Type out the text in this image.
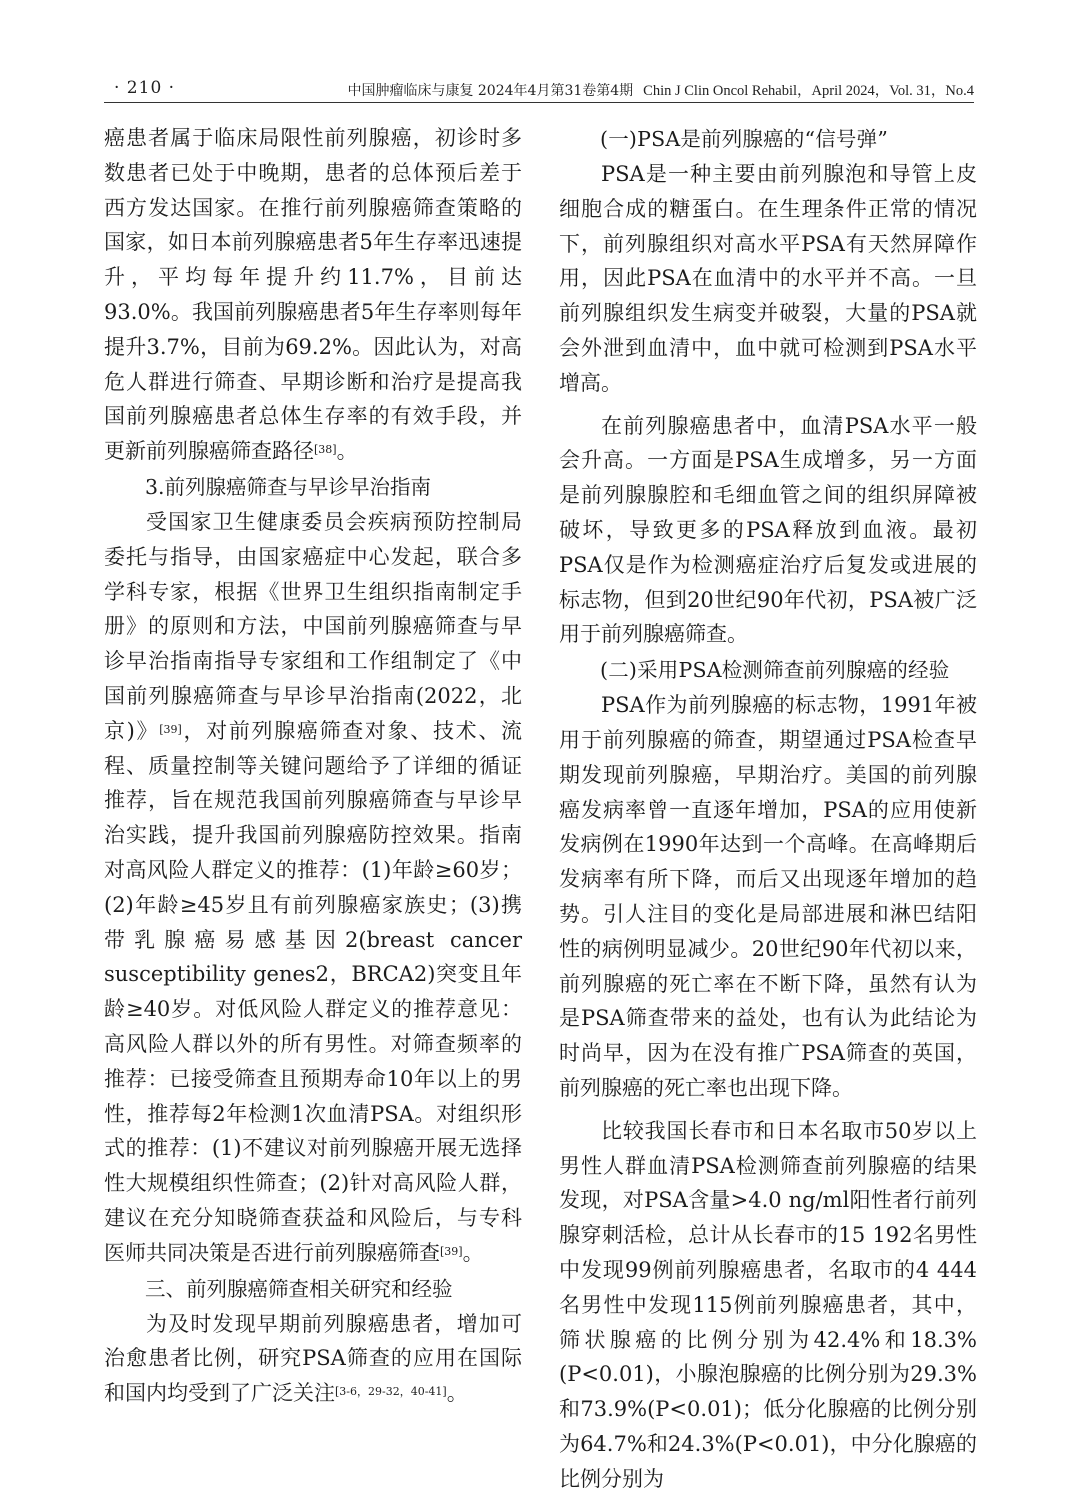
· 210 ·	中国肿瘤临床与康复 2024年4月第31卷第4期 Chin J Clin Oncol Rehabil，April 2024，Vol. 31，No.4

癌患者属于临床局限性前列腺癌，初诊时多数患者已处于中晚期，患者的总体预后差于西方发达国家。在推行前列腺癌筛查策略的国家，如日本前列腺癌患者5年生存率迅速提升，平均每年提升约11.7%，目前达93.0%。我国前列腺癌患者5年生存率则每年提升3.7%，目前为69.2%。因此认为，对高危人群进行筛查、早期诊断和治疗是提高我国前列腺癌患者总体生存率的有效手段，并更新前列腺癌筛查路径[38]。

3.前列腺癌筛查与早诊早治指南

受国家卫生健康委员会疾病预防控制局委托与指导，由国家癌症中心发起，联合多学科专家，根据《世界卫生组织指南制定手册》的原则和方法，中国前列腺癌筛查与早诊早治指南指导专家组和工作组制定了《中国前列腺癌筛查与早诊早治指南(2022，北京)》[39]，对前列腺癌筛查对象、技术、流程、质量控制等关键问题给予了详细的循证推荐，旨在规范我国前列腺癌筛查与早诊早治实践，提升我国前列腺癌防控效果。指南对高风险人群定义的推荐：(1)年龄≥60岁；(2)年龄≥45岁且有前列腺癌家族史；(3)携带乳腺癌易感基因2(breast cancer susceptibility genes2，BRCA2)突变且年龄≥40岁。对低风险人群定义的推荐意见：高风险人群以外的所有男性。对筛查频率的推荐：已接受筛查且预期寿命10年以上的男性，推荐每2年检测1次血清PSA。对组织形式的推荐：(1)不建议对前列腺癌开展无选择性大规模组织性筛查；(2)针对高风险人群，建议在充分知晓筛查获益和风险后，与专科医师共同决策是否进行前列腺癌筛查[39]。

三、前列腺癌筛查相关研究和经验

为及时发现早期前列腺癌患者，增加可治愈患者比例，研究PSA筛查的应用在国际和国内均受到了广泛关注[3-6，29-32，40-41]。

(一)PSA是前列腺癌的“信号弹”

PSA是一种主要由前列腺泡和导管上皮细胞合成的糖蛋白。在生理条件正常的情况下，前列腺组织对高水平PSA有天然屏障作用，因此PSA在血清中的水平并不高。一旦前列腺组织发生病变并破裂，大量的PSA就会外泄到血清中，血中就可检测到PSA水平增高。

在前列腺癌患者中，血清PSA水平一般会升高。一方面是PSA生成增多，另一方面是前列腺腺腔和毛细血管之间的组织屏障被破坏，导致更多的PSA释放到血液。最初PSA仅是作为检测癌症治疗后复发或进展的标志物，但到20世纪90年代初，PSA被广泛用于前列腺癌筛查。

(二)采用PSA检测筛查前列腺癌的经验

PSA作为前列腺癌的标志物，1991年被用于前列腺癌的筛查，期望通过PSA检查早期发现前列腺癌，早期治疗。美国的前列腺癌发病率曾一直逐年增加，PSA的应用使新发病例在1990年达到一个高峰。在高峰期后发病率有所下降，而后又出现逐年增加的趋势。引人注目的变化是局部进展和淋巴结阳性的病例明显减少。20世纪90年代初以来，前列腺癌的死亡率在不断下降，虽然有认为是PSA筛查带来的益处，也有认为此结论为时尚早，因为在没有推广PSA筛查的英国，前列腺癌的死亡率也出现下降。

比较我国长春市和日本名取市50岁以上男性人群血清PSA检测筛查前列腺癌的结果发现，对PSA含量>4.0 ng/ml阳性者行前列腺穿刺活检，总计从长春市的15 192名男性中发现99例前列腺癌患者，名取市的4 444名男性中发现115例前列腺癌患者，其中，筛状腺癌的比例分别为42.4%和18.3%(P<0.01)，小腺泡腺癌的比例分别为29.3%和73.9%(P<0.01)；低分化腺癌的比例分别为64.7%和24.3%(P<0.01)，中分化腺癌的比例分别为
